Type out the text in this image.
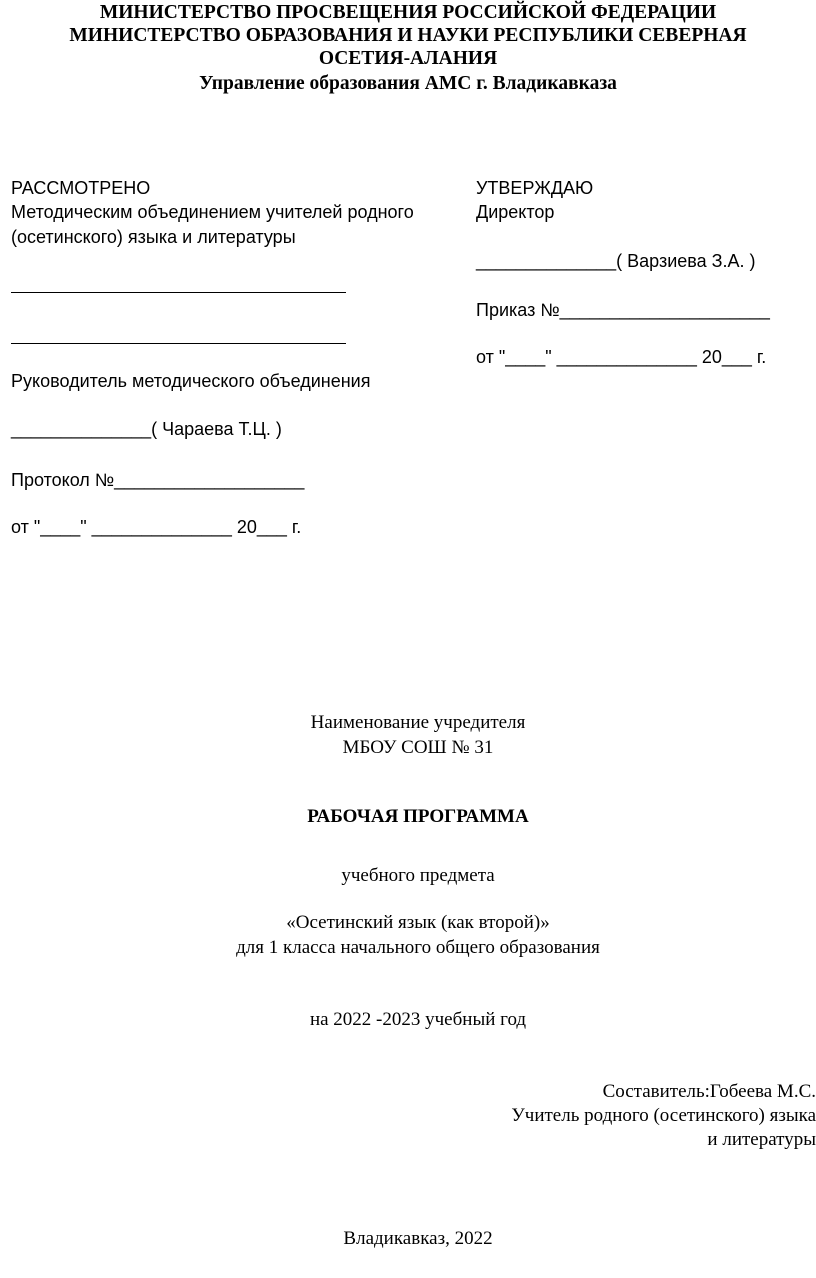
МИНИСТЕРСТВО ПРОСВЕЩЕНИЯ РОССИЙСКОЙ ФЕДЕРАЦИИ
МИНИСТЕРСТВО ОБРАЗОВАНИЯ И НАУКИ РЕСПУБЛИКИ СЕВЕРНАЯ
ОСЕТИЯ-АЛАНИЯ
Управление образования АМС г. Владикавказа
РАССМОТРЕНО
Методическим объединением учителей родного
(осетинского) языка и литературы
Руководитель методического объединения
______________( Чараева Т.Ц. )
Протокол №___________________
от "____" ______________ 20___ г.
УТВЕРЖДАЮ
Директор
______________( Варзиева З.А. )
Приказ №_____________________
от "____" ______________ 20___ г.
Наименование учредителя
МБОУ СОШ № 31
РАБОЧАЯ ПРОГРАММА
учебного предмета
«Осетинский язык (как второй)»
для 1 класса начального общего образования
на 2022 -2023 учебный год
Составитель:Гобеева М.С.
Учитель родного (осетинского) языка
и литературы
Владикавказ, 2022
